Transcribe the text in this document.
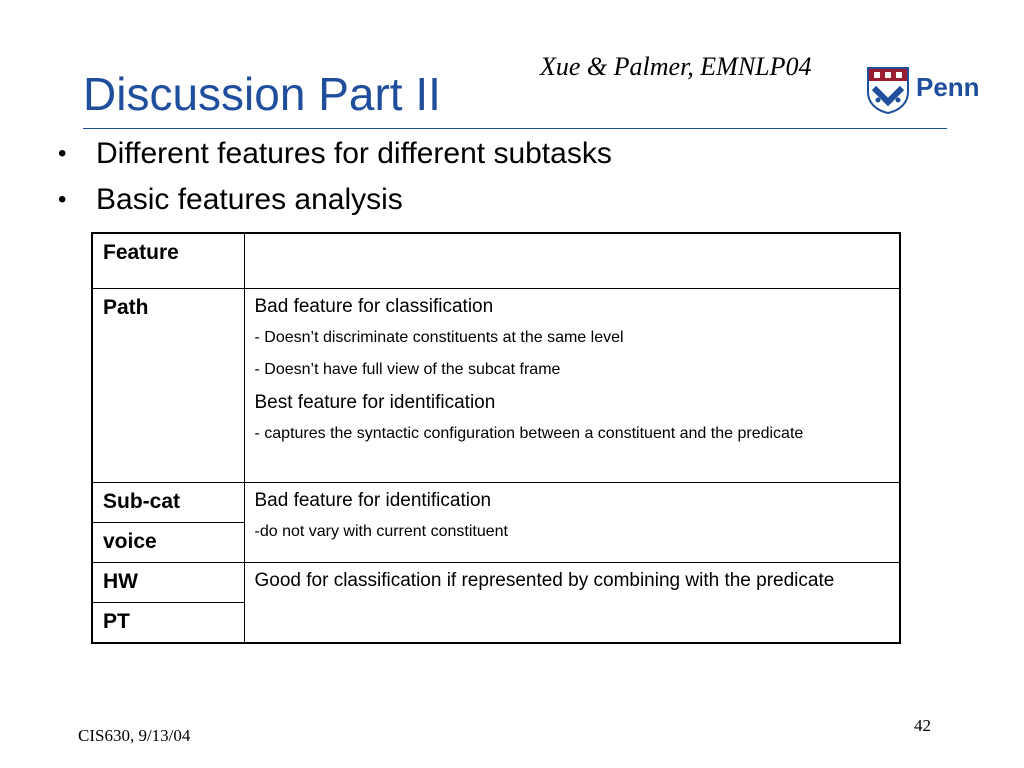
Discussion Part II
Xue & Palmer, EMNLP04
Penn
• Different features for different subtasks
• Basic features analysis
Feature	
Path	Bad feature for classification
- Doesn’t discriminate constituents at the same level
- Doesn’t have full view of the subcat frame
Best feature for identification
- captures the syntactic configuration between a constituent and the predicate

Sub-cat	Bad feature for identification
-do not vary with current constituent

voice	
HW	Good for classification if represented by combining with the predicate
PT	
CIS630, 9/13/04
42
